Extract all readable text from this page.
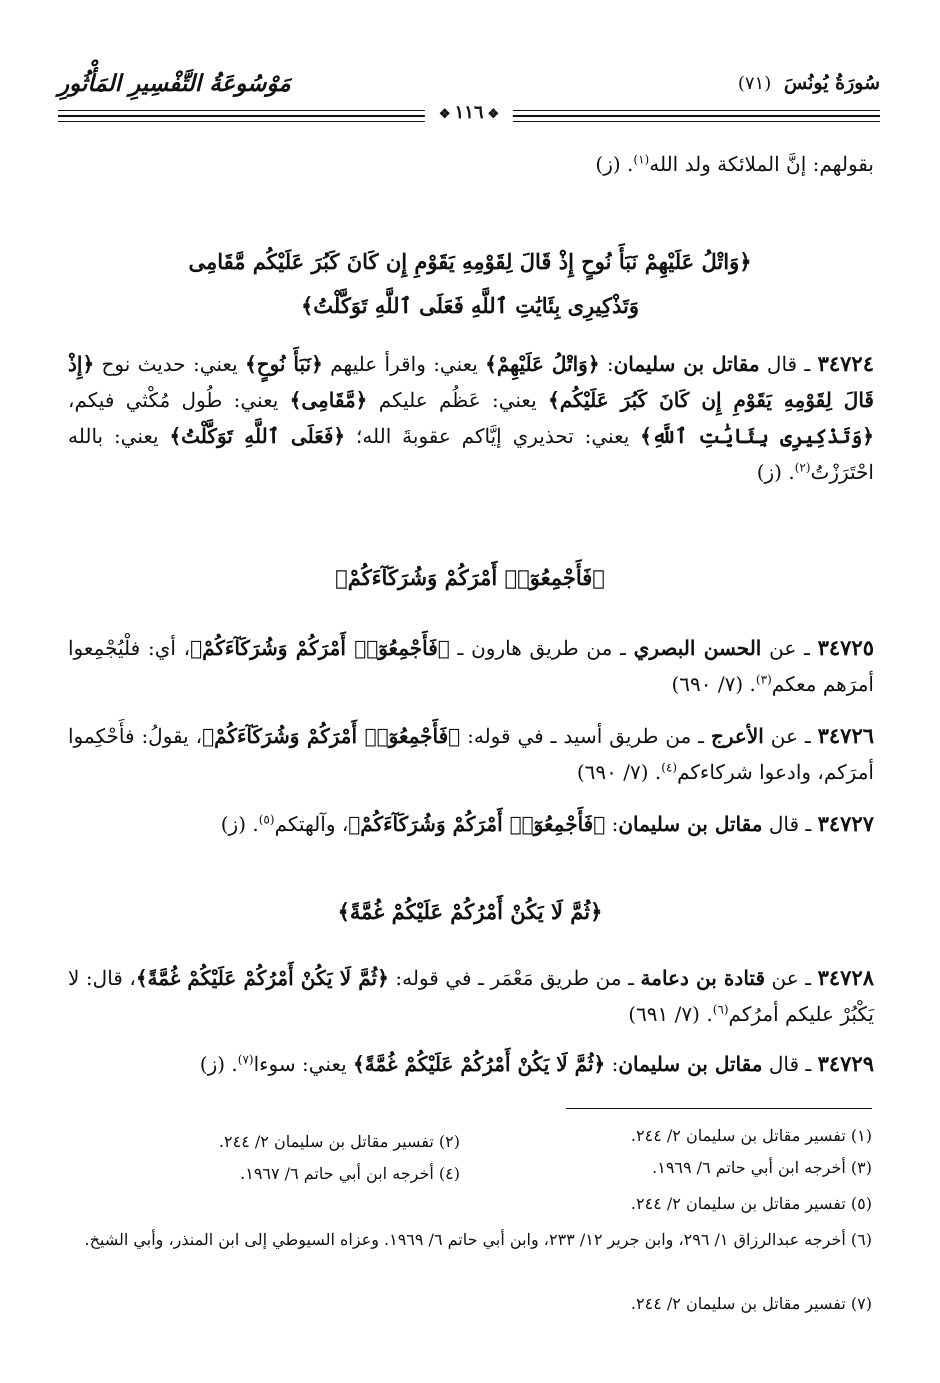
سُورَةُ يُونُسَ (٧١)
مَوْسُوعَةُ التَّفْسِيرِ المَأْثُورِ
❖١١٦❖
بقولهم: إنَّ الملائكة ولد الله$^{(١)}$. (ز)
﴿وَاتْلُ عَلَيْهِمْ نَبَأَ نُوحٍ إِذْ قَالَ لِقَوْمِهِ يَقَوْمِ إِن كَانَ كَبُرَ عَلَيْكُم مَّقَامِى
وَتَذْكِيرِى بِئَايَٰتِ ٱللَّهِ فَعَلَى ٱللَّهِ تَوَكَّلْتُ﴾
٣٤٧٢٤ ـ قال مقاتل بن سليمان: ﴿وَاتْلُ عَلَيْهِمْ﴾ يعني: واقرأ عليهم ﴿نَبَأَ نُوحٍ﴾ يعني: حديث نوح ﴿إِذْ قَالَ لِقَوْمِهِ يَقَوْمِ إِن كَانَ كَبُرَ عَلَيْكُم﴾ يعني: عَظُم عليكم ﴿مَّقَامِى﴾ يعني: طُول مُكْثي فيكم، ﴿وَتَذْكِيرِى بِئَايَٰتِ ٱللَّهِ﴾ يعني: تحذيري إيَّاكم عقوبةَ الله؛ ﴿فَعَلَى ٱللَّهِ تَوَكَّلْتُ﴾ يعني: بالله احْتَرَزْتُ$^{(٢)}$. (ز)
﴿فَأَجْمِعُوٓا۟ أَمْرَكُمْ وَشُرَكَآءَكُمْ﴾
٣٤٧٢٥ ـ عن الحسن البصري ـ من طريق هارون ـ ﴿فَأَجْمِعُوٓا۟ أَمْرَكُمْ وَشُرَكَآءَكُمْ﴾، أي: فلْيُجْمِعوا أمرَهم معكم$^{(٣)}$. (٧/ ٦٩٠)
٣٤٧٢٦ ـ عن الأعرج ـ من طريق أسيد ـ في قوله: ﴿فَأَجْمِعُوٓا۟ أَمْرَكُمْ وَشُرَكَآءَكُمْ﴾، يقولُ: فأَحْكِموا أمرَكم، وادعوا شركاءكم$^{(٤)}$. (٧/ ٦٩٠)
٣٤٧٢٧ ـ قال مقاتل بن سليمان: ﴿فَأَجْمِعُوٓا۟ أَمْرَكُمْ وَشُرَكَآءَكُمْ﴾، وآلهتكم$^{(٥)}$. (ز)
﴿ثُمَّ لَا يَكُنْ أَمْرُكُمْ عَلَيْكُمْ غُمَّةً﴾
٣٤٧٢٨ ـ عن قتادة بن دعامة ـ من طريق مَعْمَر ـ في قوله: ﴿ثُمَّ لَا يَكُنْ أَمْرُكُمْ عَلَيْكُمْ غُمَّةً﴾، قال: لا يَكْبُرْ عليكم أمرُكم$^{(٦)}$. (٧/ ٦٩١)
٣٤٧٢٩ ـ قال مقاتل بن سليمان: ﴿ثُمَّ لَا يَكُنْ أَمْرُكُمْ عَلَيْكُمْ غُمَّةً﴾ يعني: سوءا$^{(٧)}$. (ز)
(١) تفسير مقاتل بن سليمان ٢/ ٢٤٤.
(٢) تفسير مقاتل بن سليمان ٢/ ٢٤٤.
(٣) أخرجه ابن أبي حاتم ٦/ ١٩٦٩.
(٤) أخرجه ابن أبي حاتم ٦/ ١٩٦٧.
(٥) تفسير مقاتل بن سليمان ٢/ ٢٤٤.
(٦) أخرجه عبدالرزاق ١/ ٢٩٦، وابن جرير ١٢/ ٢٣٣، وابن أبي حاتم ٦/ ١٩٦٩. وعزاه السيوطي إلى ابن المنذر، وأبي الشيخ.
(٧) تفسير مقاتل بن سليمان ٢/ ٢٤٤.
